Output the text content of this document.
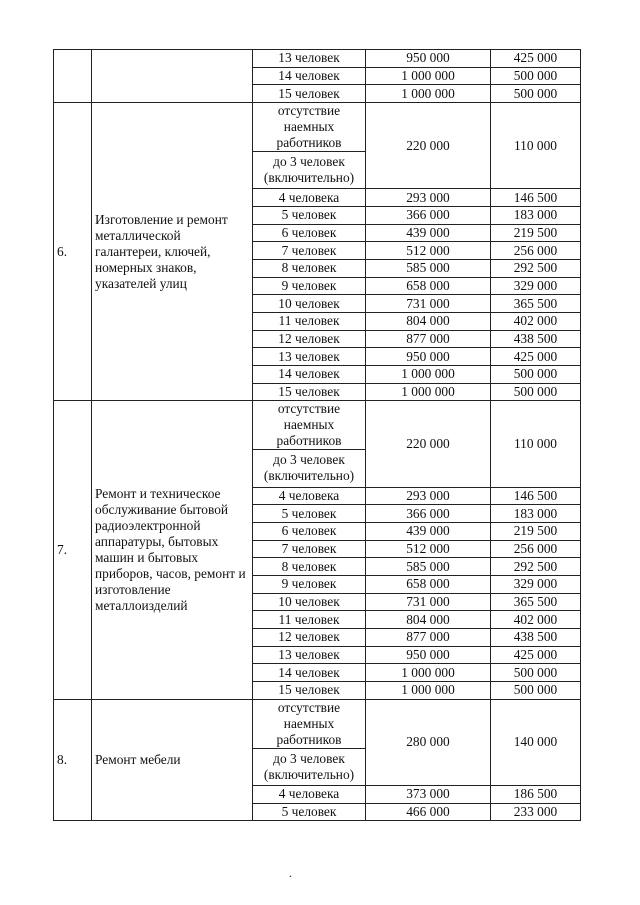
		13 человек	950 000	425 000
		14 человек	1 000 000	500 000
		15 человек	1 000 000	500 000
6.	Изготовление и ремонт металлической галантереи, ключей, номерных знаков, указателей улиц	отсутствие наемных работников	220 000	110 000
		до 3 человек (включительно)		
		4 человека	293 000	146 500
		5 человек	366 000	183 000
		6 человек	439 000	219 500
		7 человек	512 000	256 000
		8 человек	585 000	292 500
		9 человек	658 000	329 000
		10 человек	731 000	365 500
		11 человек	804 000	402 000
		12 человек	877 000	438 500
		13 человек	950 000	425 000
		14 человек	1 000 000	500 000
		15 человек	1 000 000	500 000
7.	Ремонт и техническое обслуживание бытовой радиоэлектронной аппаратуры, бытовых машин и бытовых приборов, часов, ремонт и изготовление металлоизделий	отсутствие наемных работников	220 000	110 000
		до 3 человек (включительно)		
		4 человека	293 000	146 500
		5 человек	366 000	183 000
		6 человек	439 000	219 500
		7 человек	512 000	256 000
		8 человек	585 000	292 500
		9 человек	658 000	329 000
		10 человек	731 000	365 500
		11 человек	804 000	402 000
		12 человек	877 000	438 500
		13 человек	950 000	425 000
		14 человек	1 000 000	500 000
		15 человек	1 000 000	500 000
8.	Ремонт мебели	отсутствие наемных работников	280 000	140 000
		до 3 человек (включительно)		
		4 человека	373 000	186 500
		5 человек	466 000	233 000
.
